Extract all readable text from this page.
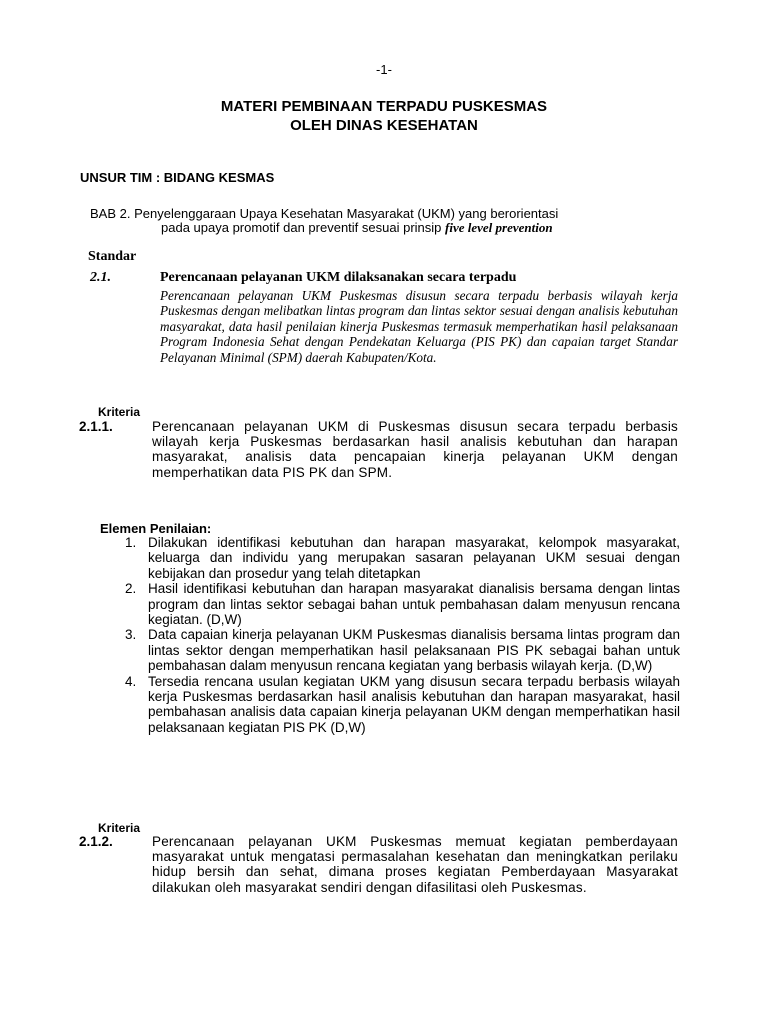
-1-
MATERI PEMBINAAN TERPADU PUSKESMAS
OLEH DINAS KESEHATAN
UNSUR TIM : BIDANG KESMAS
BAB 2. Penyelenggaraan Upaya Kesehatan Masyarakat (UKM) yang berorientasi
pada upaya promotif dan preventif sesuai prinsip five level prevention
Standar
2.1.	Perencanaan pelayanan UKM dilaksanakan secara terpadu
Perencanaan pelayanan UKM Puskesmas disusun secara terpadu berbasis wilayah kerja Puskesmas dengan melibatkan lintas program dan lintas sektor sesuai dengan analisis kebutuhan masyarakat, data hasil penilaian kinerja Puskesmas termasuk memperhatikan hasil pelaksanaan Program Indonesia Sehat dengan Pendekatan Keluarga (PIS PK) dan capaian target Standar Pelayanan Minimal (SPM) daerah Kabupaten/Kota.
Kriteria
2.1.1.	Perencanaan pelayanan UKM di Puskesmas disusun secara terpadu berbasis wilayah kerja Puskesmas berdasarkan hasil analisis kebutuhan dan harapan masyarakat, analisis data pencapaian kinerja pelayanan UKM dengan memperhatikan data PIS PK dan SPM.
Elemen Penilaian:
1. Dilakukan identifikasi kebutuhan dan harapan masyarakat, kelompok masyarakat, keluarga dan individu yang merupakan sasaran pelayanan UKM sesuai dengan kebijakan dan prosedur yang telah ditetapkan
2. Hasil identifikasi kebutuhan dan harapan masyarakat dianalisis bersama dengan lintas program dan lintas sektor sebagai bahan untuk pembahasan dalam menyusun rencana kegiatan. (D,W)
3. Data capaian kinerja pelayanan UKM Puskesmas dianalisis bersama lintas program dan lintas sektor dengan memperhatikan hasil pelaksanaan PIS PK sebagai bahan untuk pembahasan dalam menyusun rencana kegiatan yang berbasis wilayah kerja. (D,W)
4. Tersedia rencana usulan kegiatan UKM yang disusun secara terpadu berbasis wilayah kerja Puskesmas berdasarkan hasil analisis kebutuhan dan harapan masyarakat, hasil pembahasan analisis data capaian kinerja pelayanan UKM dengan memperhatikan hasil pelaksanaan kegiatan PIS PK (D,W)
Kriteria
2.1.2.	Perencanaan pelayanan UKM Puskesmas memuat kegiatan pemberdayaan masyarakat untuk mengatasi permasalahan kesehatan dan meningkatkan perilaku hidup bersih dan sehat, dimana proses kegiatan Pemberdayaan Masyarakat dilakukan oleh masyarakat sendiri dengan difasilitasi oleh Puskesmas.
